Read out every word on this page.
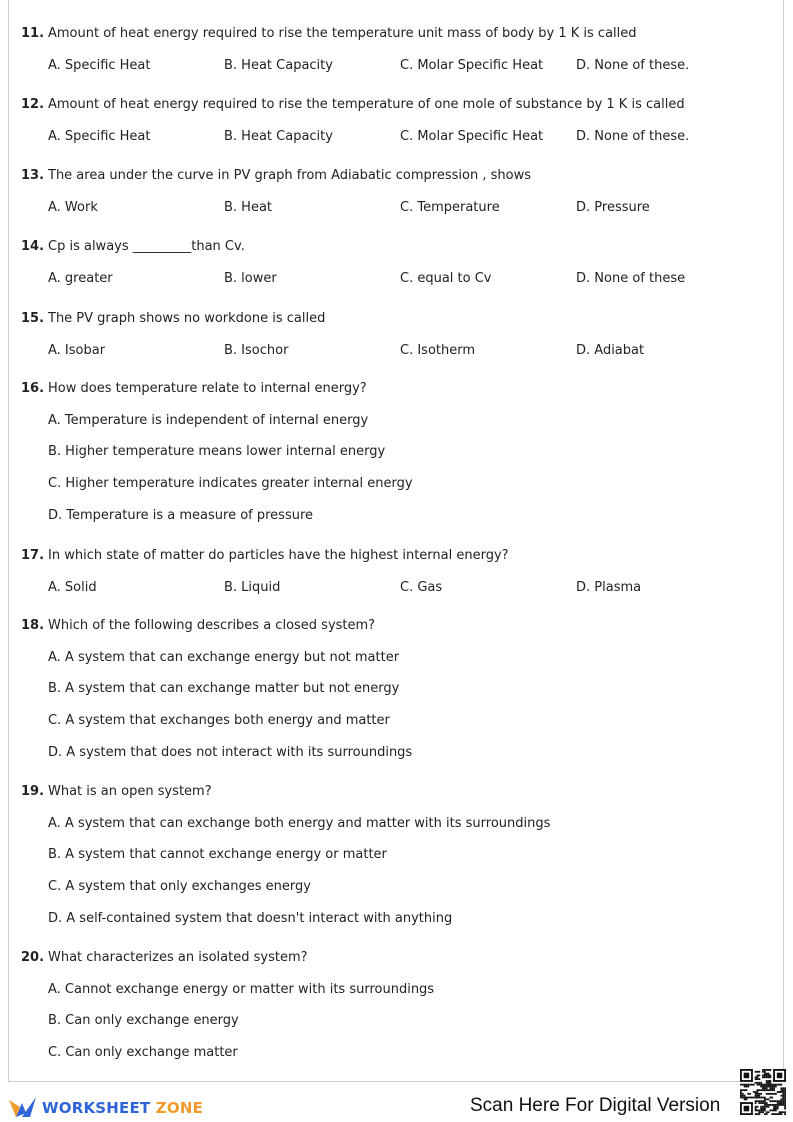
11. Amount of heat energy required to rise the temperature unit mass of body by 1 K is called
A. Specific Heat	B. Heat Capacity	C. Molar Specific Heat	D. None of these.
12. Amount of heat energy required to rise the temperature of one mole of substance by 1 K is called
A. Specific Heat	B. Heat Capacity	C. Molar Specific Heat	D. None of these.
13. The area under the curve in PV graph from Adiabatic compression , shows
A. Work	B. Heat	C. Temperature	D. Pressure
14. Cp is always _________than Cv.
A. greater	B. lower	C. equal to Cv	D. None of these
15. The PV graph shows no workdone is called
A. Isobar	B. Isochor	C. Isotherm	D. Adiabat
16. How does temperature relate to internal energy?
A. Temperature is independent of internal energy
B. Higher temperature means lower internal energy
C. Higher temperature indicates greater internal energy
D. Temperature is a measure of pressure
17. In which state of matter do particles have the highest internal energy?
A. Solid	B. Liquid	C. Gas	D. Plasma
18. Which of the following describes a closed system?
A. A system that can exchange energy but not matter
B. A system that can exchange matter but not energy
C. A system that exchanges both energy and matter
D. A system that does not interact with its surroundings
19. What is an open system?
A. A system that can exchange both energy and matter with its surroundings
B. A system that cannot exchange energy or matter
C. A system that only exchanges energy
D. A self-contained system that doesn't interact with anything
20. What characterizes an isolated system?
A. Cannot exchange energy or matter with its surroundings
B. Can only exchange energy
C. Can only exchange matter
WORKSHEET ZONE	Scan Here For Digital Version
